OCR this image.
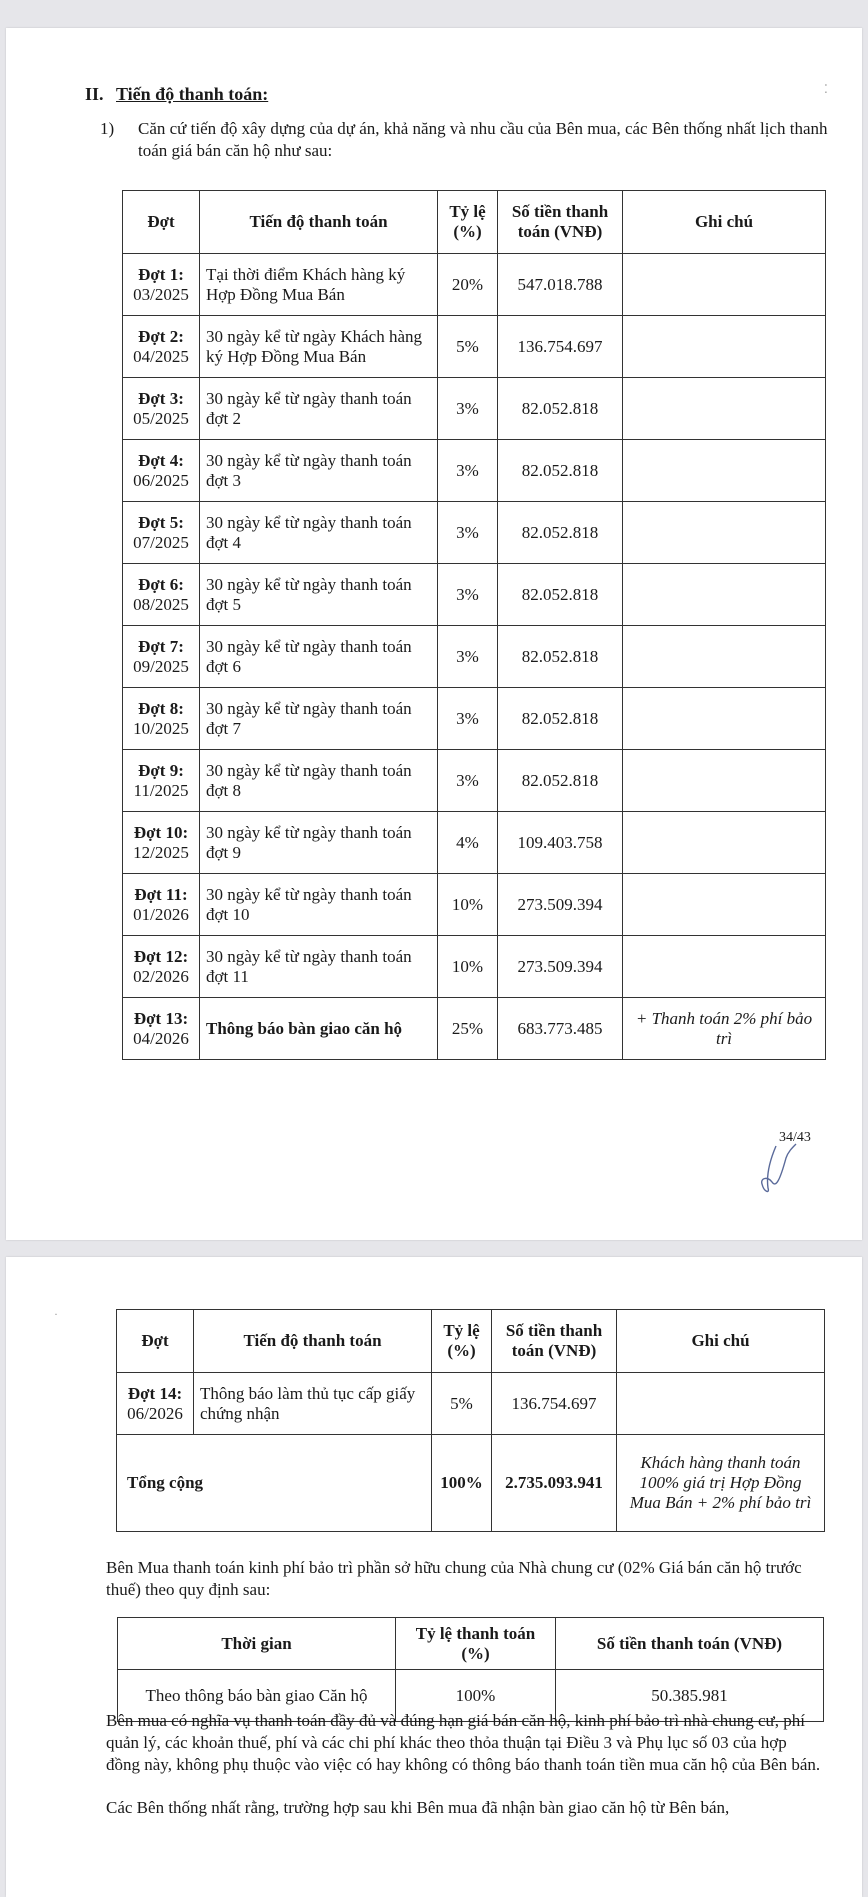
II. Tiến độ thanh toán:
1)	Căn cứ tiến độ xây dựng của dự án, khả năng và nhu cầu của Bên mua, các Bên thống nhất lịch thanh toán giá bán căn hộ như sau:
Đợt	Tiến độ thanh toán	Tỷ lệ (%)	Số tiền thanh toán (VNĐ)	Ghi chú

Đợt 1:
03/2025	Tại thời điểm Khách hàng ký Hợp Đồng Mua Bán	20%	547.018.788	

Đợt 2:
04/2025	30 ngày kể từ ngày Khách hàng ký Hợp Đồng Mua Bán	5%	136.754.697	

Đợt 3:
05/2025	30 ngày kể từ ngày thanh toán đợt 2	3%	82.052.818	

Đợt 4:
06/2025	30 ngày kể từ ngày thanh toán đợt 3	3%	82.052.818	

Đợt 5:
07/2025	30 ngày kể từ ngày thanh toán đợt 4	3%	82.052.818	

Đợt 6:
08/2025	30 ngày kể từ ngày thanh toán đợt 5	3%	82.052.818	

Đợt 7:
09/2025	30 ngày kể từ ngày thanh toán đợt 6	3%	82.052.818	

Đợt 8:
10/2025	30 ngày kể từ ngày thanh toán đợt 7	3%	82.052.818	

Đợt 9:
11/2025	30 ngày kể từ ngày thanh toán đợt 8	3%	82.052.818	

Đợt 10:
12/2025	30 ngày kể từ ngày thanh toán đợt 9	4%	109.403.758	

Đợt 11:
01/2026	30 ngày kể từ ngày thanh toán đợt 10	10%	273.509.394	

Đợt 12:
02/2026	30 ngày kể từ ngày thanh toán đợt 11	10%	273.509.394	

Đợt 13:
04/2026	Thông báo bàn giao căn hộ	25%	683.773.485	+ Thanh toán 2% phí bảo trì
34/43
⁚
Đợt	Tiến độ thanh toán	Tỷ lệ (%)	Số tiền thanh toán (VNĐ)	Ghi chú

Đợt 14:
06/2026	Thông báo làm thủ tục cấp giấy chứng nhận	5%	136.754.697	
Tổng cộng		100%	2.735.093.941	Khách hàng thanh toán 100% giá trị Hợp Đồng Mua Bán + 2% phí bảo trì
Bên Mua thanh toán kinh phí bảo trì phần sở hữu chung của Nhà chung cư (02% Giá bán căn hộ trước thuế) theo quy định sau:
Thời gian	Tỷ lệ thanh toán (%)	Số tiền thanh toán (VNĐ)
Theo thông báo bàn giao Căn hộ	100%	50.385.981
Bên mua có nghĩa vụ thanh toán đầy đủ và đúng hạn giá bán căn hộ, kinh phí bảo trì nhà chung cư, phí quản lý, các khoản thuế, phí và các chi phí khác theo thỏa thuận tại Điều 3 và Phụ lục số 03 của hợp đồng này, không phụ thuộc vào việc có hay không có thông báo thanh toán tiền mua căn hộ của Bên bán.
Các Bên thống nhất rằng, trường hợp sau khi Bên mua đã nhận bàn giao căn hộ từ Bên bán,
·
